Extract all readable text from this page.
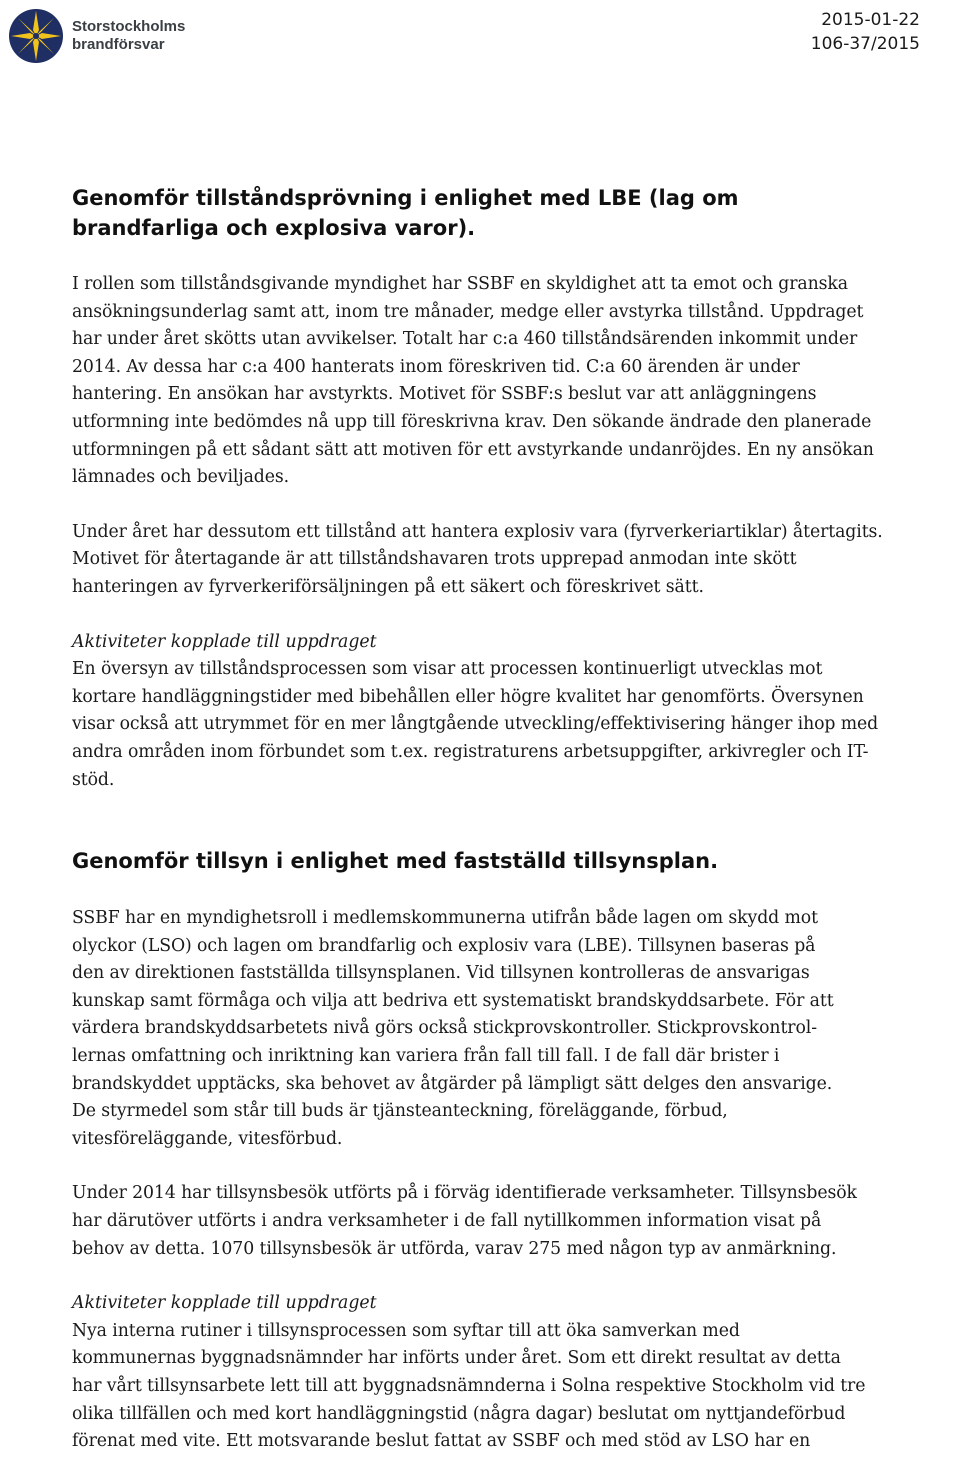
Storstockholms
brandförsvar
2015-01-22
106-37/2015
Genomför tillståndsprövning i enlighet med LBE (lag om
brandfarliga och explosiva varor).

I rollen som tillståndsgivande myndighet har SSBF en skyldighet att ta emot och granska
ansökningsunderlag samt att, inom tre månader, medge eller avstyrka tillstånd. Uppdraget
har under året skötts utan avvikelser. Totalt har c:a 460 tillståndsärenden inkommit under
2014. Av dessa har c:a 400 hanterats inom föreskriven tid. C:a 60 ärenden är under
hantering. En ansökan har avstyrkts. Motivet för SSBF:s beslut var att anläggningens
utformning inte bedömdes nå upp till föreskrivna krav. Den sökande ändrade den planerade
utformningen på ett sådant sätt att motiven för ett avstyrkande undanröjdes. En ny ansökan
lämnades och beviljades.

Under året har dessutom ett tillstånd att hantera explosiv vara (fyrverkeriartiklar) återtagits.
Motivet för återtagande är att tillståndshavaren trots upprepad anmodan inte skött
hanteringen av fyrverkeriförsäljningen på ett säkert och föreskrivet sätt.

Aktiviteter kopplade till uppdraget

En översyn av tillståndsprocessen som visar att processen kontinuerligt utvecklas mot
kortare handläggningstider med bibehållen eller högre kvalitet har genomförts. Översynen
visar också att utrymmet för en mer långtgående utveckling/effektivisering hänger ihop med
andra områden inom förbundet som t.ex. registraturens arbetsuppgifter, arkivregler och IT-
stöd.

Genomför tillsyn i enlighet med fastställd tillsynsplan.

SSBF har en myndighetsroll i medlemskommunerna utifrån både lagen om skydd mot
olyckor (LSO) och lagen om brandfarlig och explosiv vara (LBE). Tillsynen baseras på
den av direktionen fastställda tillsynsplanen. Vid tillsynen kontrolleras de ansvarigas
kunskap samt förmåga och vilja att bedriva ett systematiskt brandskyddsarbete. För att
värdera brandskyddsarbetets nivå görs också stickprovskontroller. Stickprovskontrol-
lernas omfattning och inriktning kan variera från fall till fall. I de fall där brister i
brandskyddet upptäcks, ska behovet av åtgärder på lämpligt sätt delges den ansvarige.
De styrmedel som står till buds är tjänsteanteckning, föreläggande, förbud,
vitesföreläggande, vitesförbud.

Under 2014 har tillsynsbesök utförts på i förväg identifierade verksamheter. Tillsynsbesök
har därutöver utförts i andra verksamheter i de fall nytillkommen information visat på
behov av detta. 1070 tillsynsbesök är utförda, varav 275 med någon typ av anmärkning.

Aktiviteter kopplade till uppdraget

Nya interna rutiner i tillsynsprocessen som syftar till att öka samverkan med
kommunernas byggnadsnämnder har införts under året. Som ett direkt resultat av detta
har vårt tillsynsarbete lett till att byggnadsnämnderna i Solna respektive Stockholm vid tre
olika tillfällen och med kort handläggningstid (några dagar) beslutat om nyttjandeförbud
förenat med vite. Ett motsvarande beslut fattat av SSBF och med stöd av LSO har en
